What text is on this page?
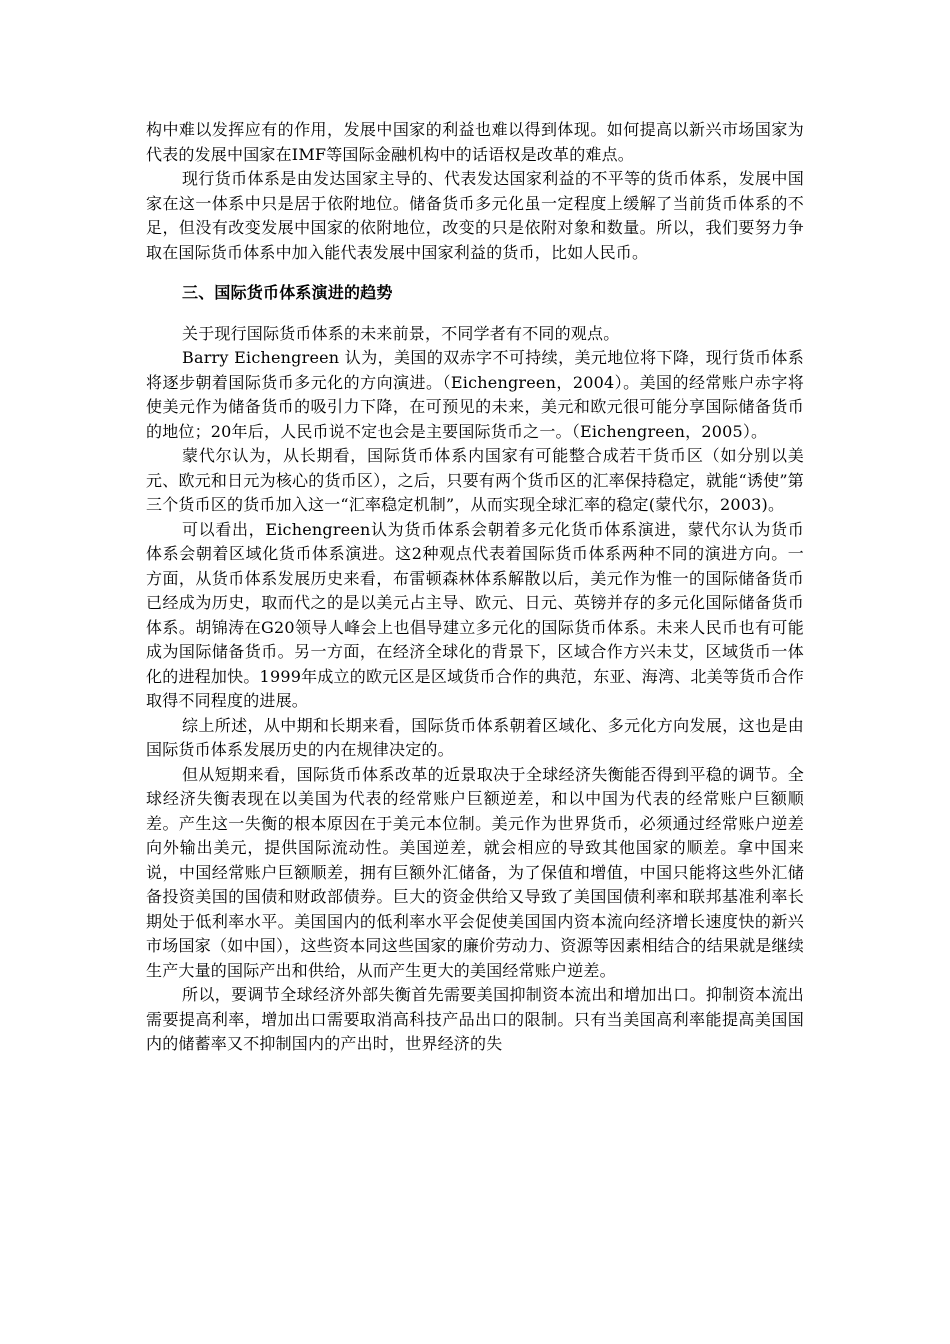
构中难以发挥应有的作用，发展中国家的利益也难以得到体现。如何提高以新兴市场国家为代表的发展中国家在IMF等国际金融机构中的话语权是改革的难点。

现行货币体系是由发达国家主导的、代表发达国家利益的不平等的货币体系，发展中国家在这一体系中只是居于依附地位。储备货币多元化虽一定程度上缓解了当前货币体系的不足，但没有改变发展中国家的依附地位，改变的只是依附对象和数量。所以，我们要努力争取在国际货币体系中加入能代表发展中国家利益的货币，比如人民币。

三、国际货币体系演进的趋势

关于现行国际货币体系的未来前景，不同学者有不同的观点。

Barry Eichengreen 认为，美国的双赤字不可持续，美元地位将下降，现行货币体系将逐步朝着国际货币多元化的方向演进。（Eichengreen，2004）。美国的经常账户赤字将使美元作为储备货币的吸引力下降，在可预见的未来，美元和欧元很可能分享国际储备货币的地位；20年后，人民币说不定也会是主要国际货币之一。（Eichengreen，2005）。

蒙代尔认为，从长期看，国际货币体系内国家有可能整合成若干货币区（如分别以美元、欧元和日元为核心的货币区），之后，只要有两个货币区的汇率保持稳定，就能“诱使”第三个货币区的货币加入这一“汇率稳定机制”，从而实现全球汇率的稳定(蒙代尔，2003)。

可以看出，Eichengreen认为货币体系会朝着多元化货币体系演进，蒙代尔认为货币体系会朝着区域化货币体系演进。这2种观点代表着国际货币体系两种不同的演进方向。一方面，从货币体系发展历史来看，布雷顿森林体系解散以后，美元作为惟一的国际储备货币已经成为历史，取而代之的是以美元占主导、欧元、日元、英镑并存的多元化国际储备货币体系。胡锦涛在G20领导人峰会上也倡导建立多元化的国际货币体系。未来人民币也有可能成为国际储备货币。另一方面，在经济全球化的背景下，区域合作方兴未艾，区域货币一体化的进程加快。1999年成立的欧元区是区域货币合作的典范，东亚、海湾、北美等货币合作取得不同程度的进展。

综上所述，从中期和长期来看，国际货币体系朝着区域化、多元化方向发展，这也是由国际货币体系发展历史的内在规律决定的。

但从短期来看，国际货币体系改革的近景取决于全球经济失衡能否得到平稳的调节。全球经济失衡表现在以美国为代表的经常账户巨额逆差，和以中国为代表的经常账户巨额顺差。产生这一失衡的根本原因在于美元本位制。美元作为世界货币，必须通过经常账户逆差向外输出美元，提供国际流动性。美国逆差，就会相应的导致其他国家的顺差。拿中国来说，中国经常账户巨额顺差，拥有巨额外汇储备，为了保值和增值，中国只能将这些外汇储备投资美国的国债和财政部债券。巨大的资金供给又导致了美国国债利率和联邦基准利率长期处于低利率水平。美国国内的低利率水平会促使美国国内资本流向经济增长速度快的新兴市场国家（如中国），这些资本同这些国家的廉价劳动力、资源等因素相结合的结果就是继续生产大量的国际产出和供给，从而产生更大的美国经常账户逆差。

所以，要调节全球经济外部失衡首先需要美国抑制资本流出和增加出口。抑制资本流出需要提高利率，增加出口需要取消高科技产品出口的限制。只有当美国高利率能提高美国国内的储蓄率又不抑制国内的产出时，世界经济的失
